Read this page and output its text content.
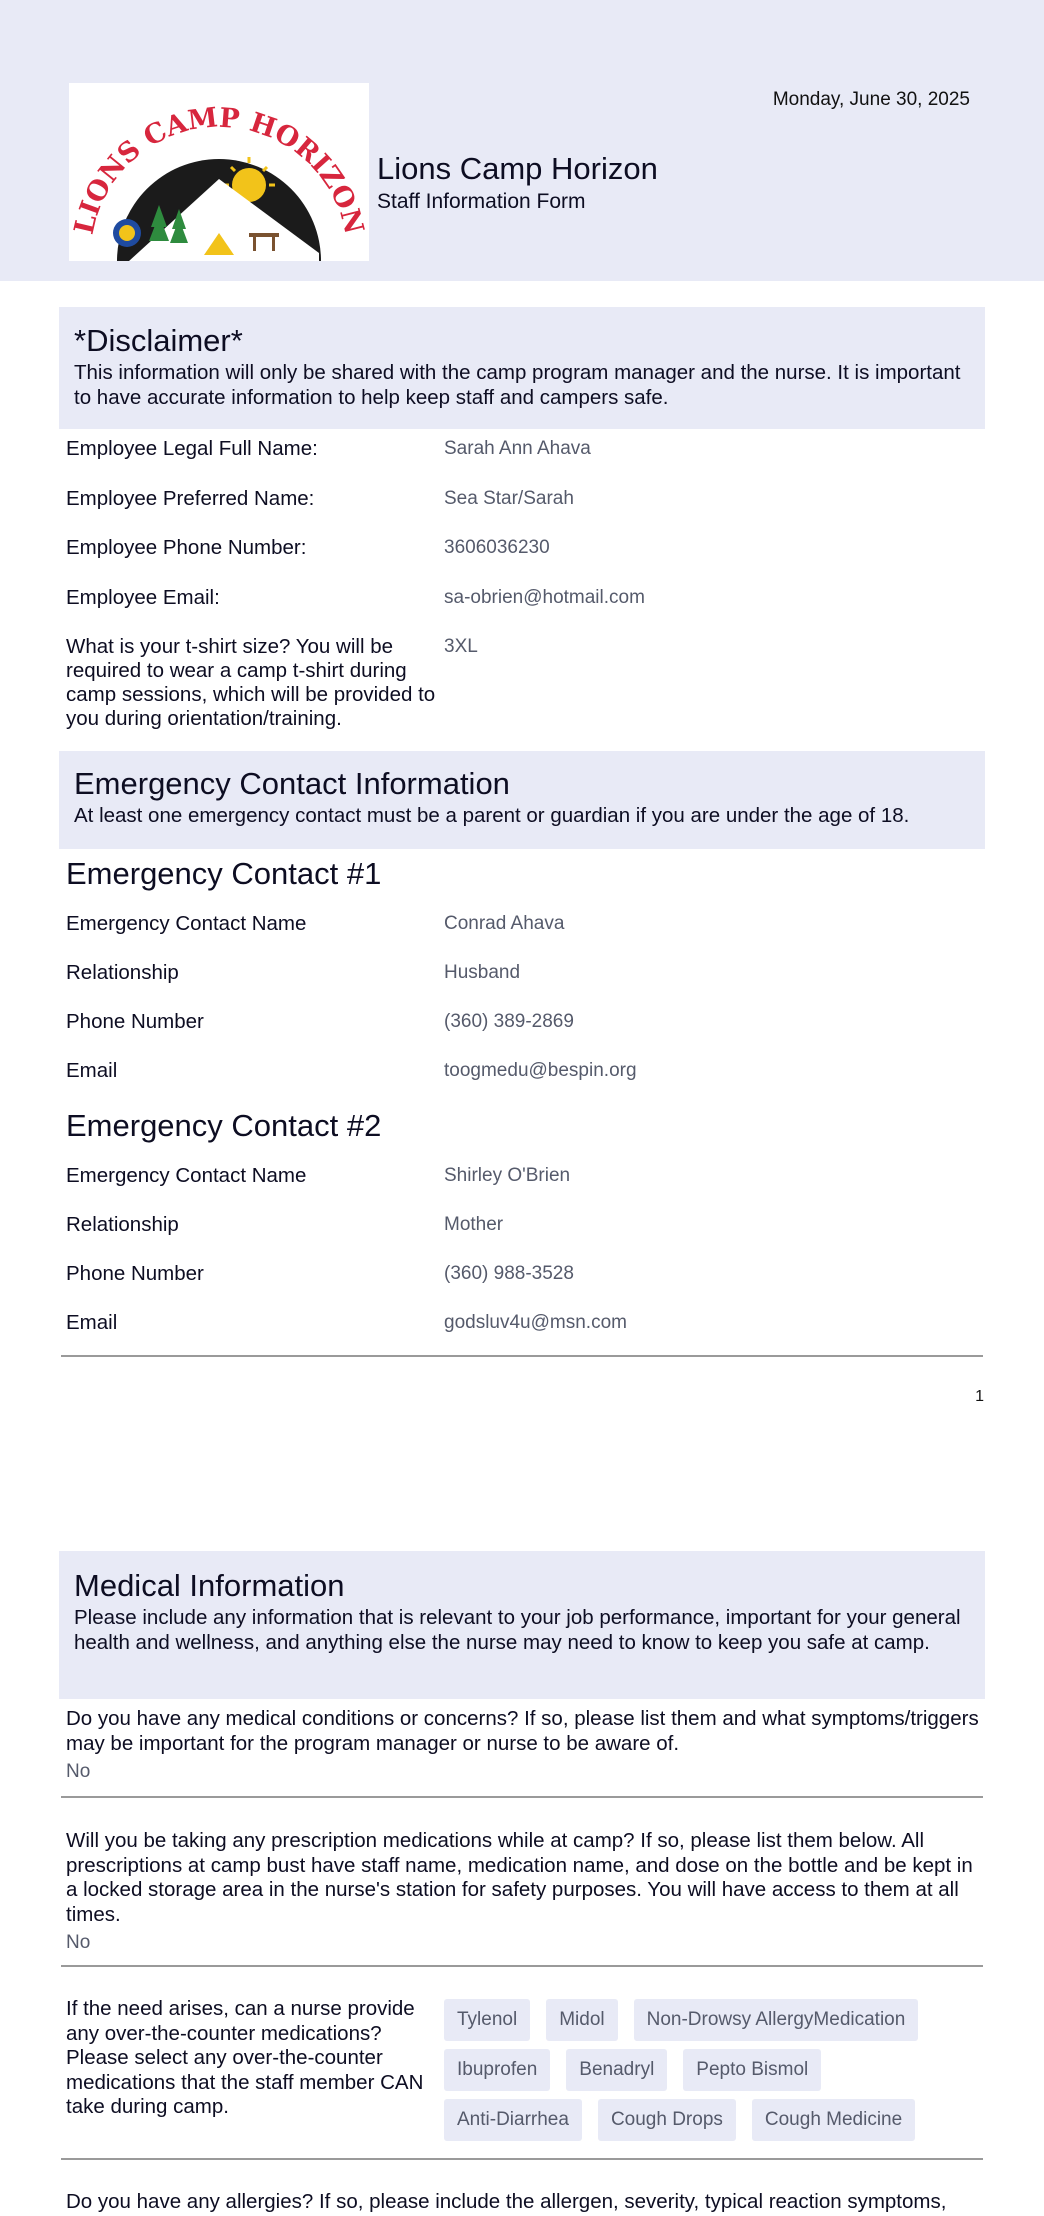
LIONS CAMP HORIZON
Monday, June 30, 2025
Lions Camp Horizon
Staff Information Form
*Disclaimer*

This information will only be shared with the camp program manager and the nurse. It is important to have accurate information to help keep staff and campers safe.

Employee Legal Full Name:	Sarah Ann Ahava
Employee Preferred Name:	Sea Star/Sarah
Employee Phone Number:	3606036230
Employee Email:	sa-obrien@hotmail.com
What is your t-shirt size? You will be required to wear a camp t-shirt during camp sessions, which will be provided to you during orientation/training.
3XL
Emergency Contact Information

At least one emergency contact must be a parent or guardian if you are under the age of 18.

Emergency Contact #1
Emergency Contact Name	Conrad Ahava
Relationship	Husband
Phone Number	(360) 389-2869
Email	toogmedu@bespin.org
Emergency Contact #2
Emergency Contact Name	Shirley O'Brien
Relationship	Mother
Phone Number	(360) 988-3528
Email	godsluv4u@msn.com
1
Medical Information

Please include any information that is relevant to your job performance, important for your general health and wellness, and anything else the nurse may need to know to keep you safe at camp.

Do you have any medical conditions or concerns? If so, please list them and what symptoms/triggers may be important for the program manager or nurse to be aware of.

No

Will you be taking any prescription medications while at camp? If so, please list them below. All prescriptions at camp bust have staff name, medication name, and dose on the bottle and be kept in a locked storage area in the nurse's station for safety purposes. You will have access to them at all times.

No

If the need arises, can a nurse provide any over-the-counter medications? Please select any over-the-counter medications that the staff member CAN take during camp.
Tylenol	Midol	Non-Drowsy AllergyMedication
Ibuprofen	Benadryl	Pepto Bismol
Anti-Diarrhea	Cough Drops	Cough Medicine
Do you have any allergies? If so, please include the allergen, severity, typical reaction symptoms,
